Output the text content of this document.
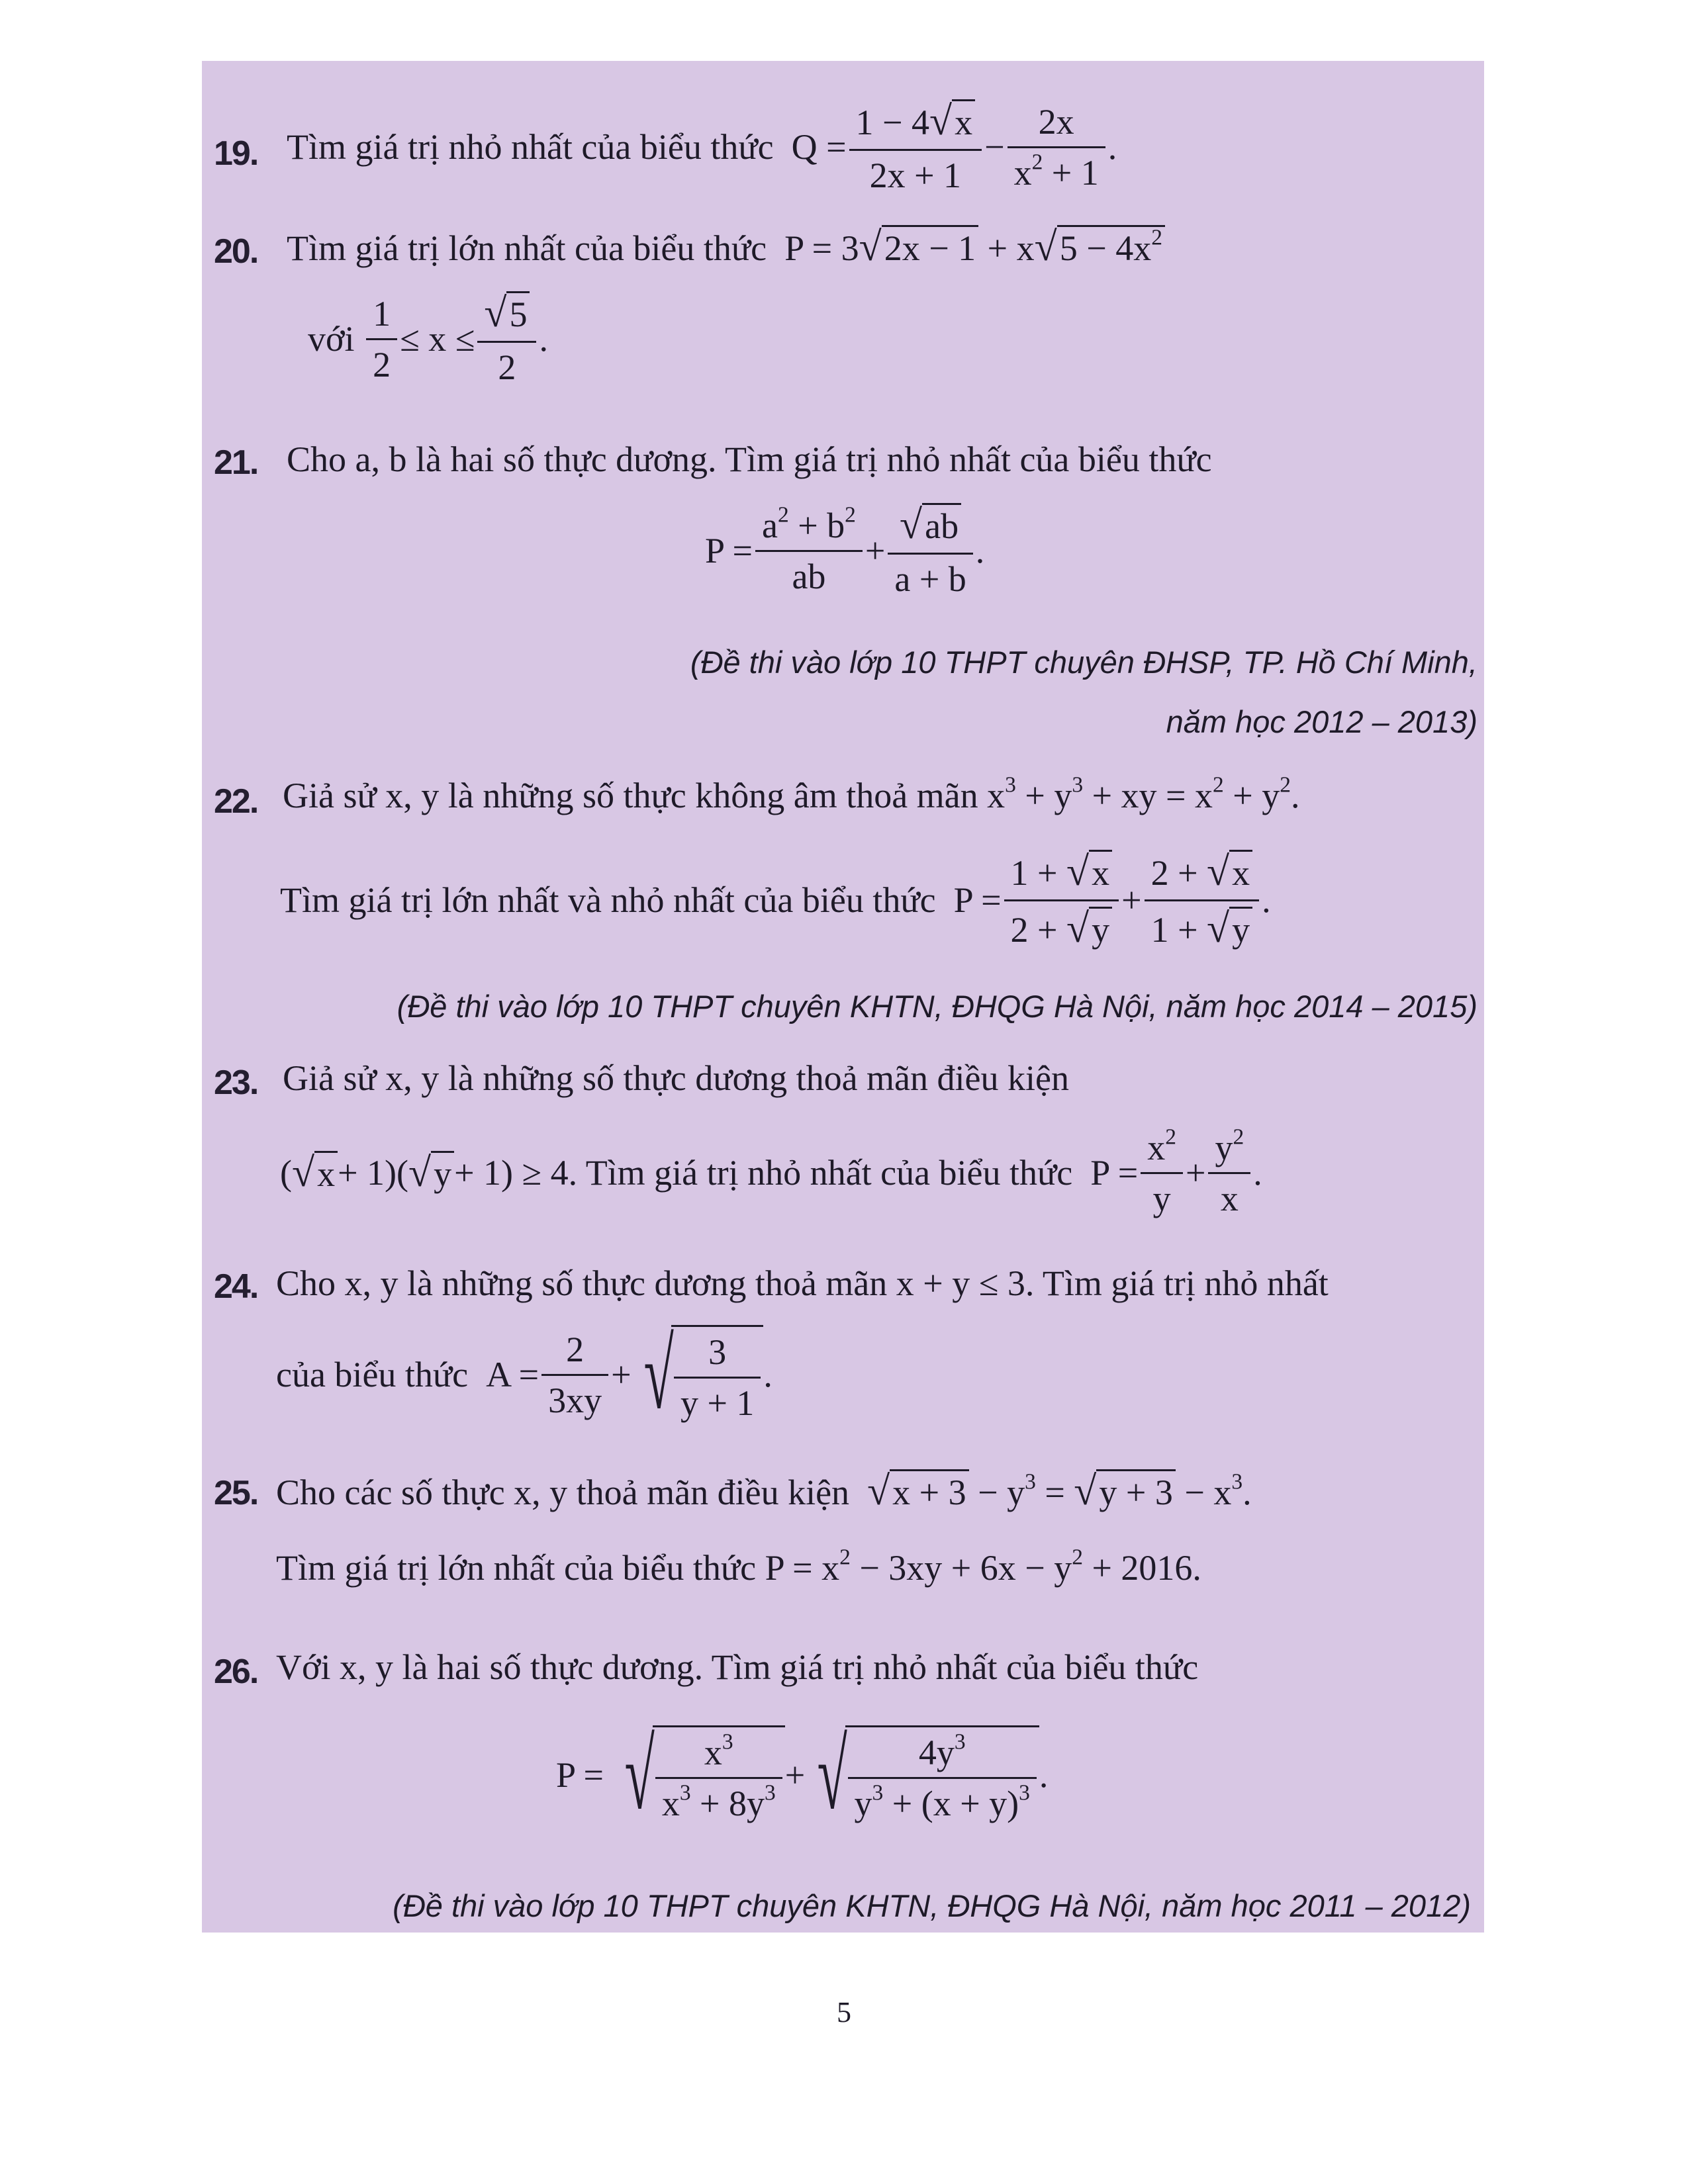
19. Tìm giá trị nhỏ nhất của biểu thức
$Q = \frac{1 - 4√x}{2x + 1} - \frac{2x}{x^2 + 1}$ .
20. Tìm giá trị lớn nhất của biểu thức $P = 3√2x - 1 + x√5 - 4x^2$
với
$\frac{1}{2} \le x \le \frac{√5}{2}$ .
21. Cho a, b là hai số thực dương. Tìm giá trị nhỏ nhất của biểu thức
$P = \frac{a^2 + b^2}{ab} + \frac{√ab}{a + b}$ .
(Đề thi vào lớp 10 THPT chuyên ĐHSP, TP. Hồ Chí Minh,
năm học 2012 – 2013)
22. Giả sử x, y là những số thực không âm thoả mãn $x^3 + y^3$ + xy = $x^2 + y^2$.
Tìm giá trị lớn nhất và nhỏ nhất của biểu thức
$P = \frac{1 + √x}{2 + √y} + \frac{2 + √x}{1 + √y}$ .
(Đề thi vào lớp 10 THPT chuyên KHTN, ĐHQG Hà Nội, năm học 2014 – 2015)
23. Giả sử x, y là những số thực dương thoả mãn điều kiện
( √x + 1)( √y + 1) ≥ 4. Tìm giá trị nhỏ nhất của biểu thức
$P = \frac{x^2}{y} + \frac{y^2}{x}$ .
24. Cho x, y là những số thực dương thoả mãn x + y ≤ 3. Tìm giá trị nhỏ nhất
của biểu thức
$A = \frac{2}{3xy}$ + √ $\frac{3}{y + 1}$ .
25. Cho các số thực x, y thoả mãn điều kiện $√x + 3 - y^3 = √y + 3 - x^3$.
Tìm giá trị lớn nhất của biểu thức $P = x^2 - 3xy + 6x - y^2 + 2016$.
26. Với x, y là hai số thực dương. Tìm giá trị nhỏ nhất của biểu thức
P =
√ $\frac{x^3}{x^3 + 8y^3}$ + √ $\frac{4y^3}{y^3 + (x + y)^3}$ .
(Đề thi vào lớp 10 THPT chuyên KHTN, ĐHQG Hà Nội, năm học 2011 – 2012)
5
